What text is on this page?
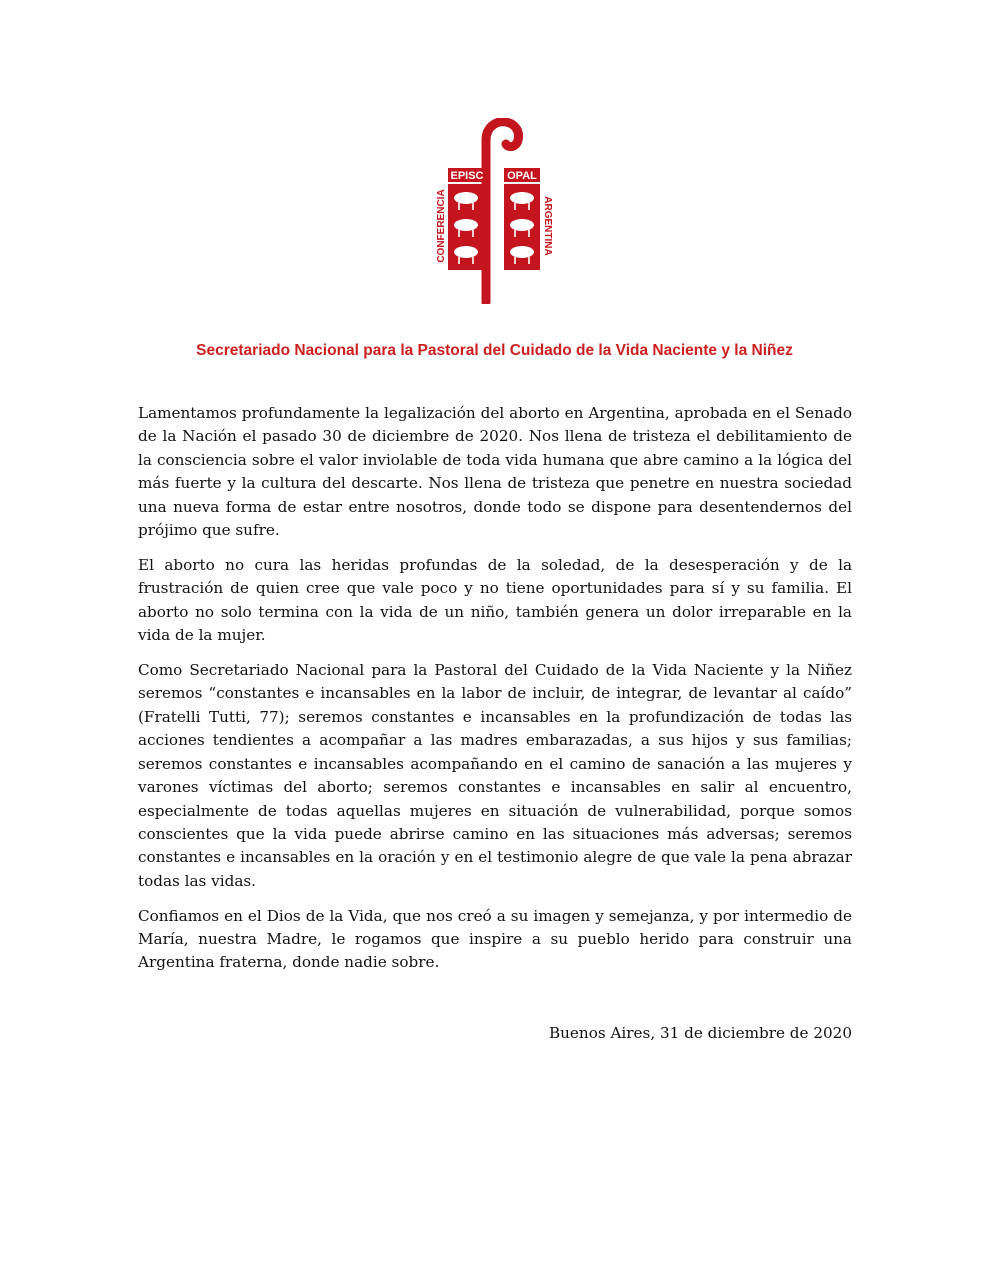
EPISC OPAL
CONFERENCIA	ARGENTINA
Secretariado Nacional para la Pastoral del Cuidado de la Vida Naciente y la Niñez

Lamentamos profundamente la legalización del aborto en Argentina, aprobada en el Senado de la Nación el pasado 30 de diciembre de 2020. Nos llena de tristeza el debilitamiento de la consciencia sobre el valor inviolable de toda vida humana que abre camino a la lógica del más fuerte y la cultura del descarte. Nos llena de tristeza que penetre en nuestra sociedad una nueva forma de estar entre nosotros, donde todo se dispone para desentendernos del prójimo que sufre.

El aborto no cura las heridas profundas de la soledad, de la desesperación y de la frustración de quien cree que vale poco y no tiene oportunidades para sí y su familia. El aborto no solo termina con la vida de un niño, también genera un dolor irreparable en la vida de la mujer.

Como Secretariado Nacional para la Pastoral del Cuidado de la Vida Naciente y la Niñez seremos “constantes e incansables en la labor de incluir, de integrar, de levantar al caído” (Fratelli Tutti, 77); seremos constantes e incansables en la profundización de todas las acciones tendientes a acompañar a las madres embarazadas, a sus hijos y sus familias; seremos constantes e incansables acompañando en el camino de sanación a las mujeres y varones víctimas del aborto; seremos constantes e incansables en salir al encuentro, especialmente de todas aquellas mujeres en situación de vulnerabilidad, porque somos conscientes que la vida puede abrirse camino en las situaciones más adversas; seremos constantes e incansables en la oración y en el testimonio alegre de que vale la pena abrazar todas las vidas.

Confiamos en el Dios de la Vida, que nos creó a su imagen y semejanza, y por intermedio de María, nuestra Madre, le rogamos que inspire a su pueblo herido para construir una Argentina fraterna, donde nadie sobre.

Buenos Aires, 31 de diciembre de 2020
